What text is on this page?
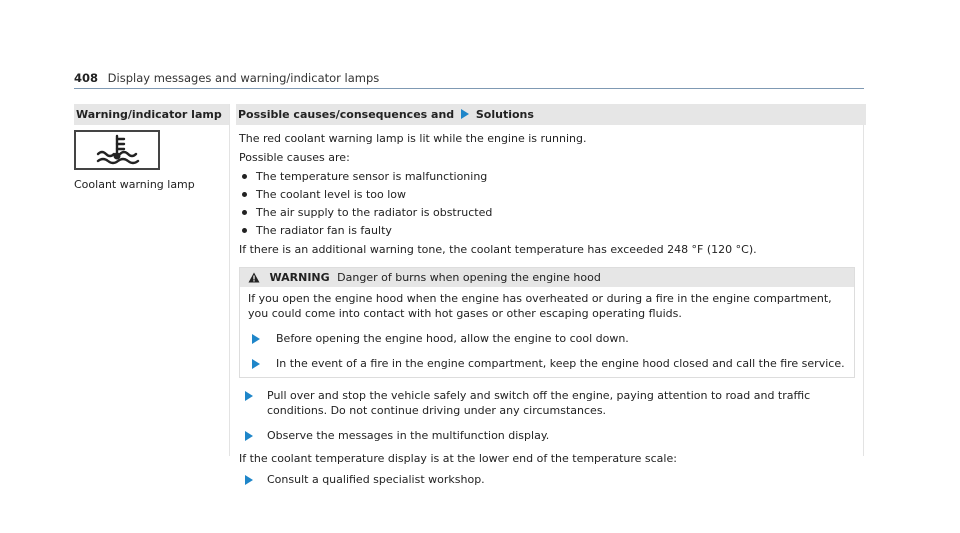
408 Display messages and warning/indicator lamps
Warning/indicator lamp	Possible causes/consequences and Solutions
Coolant warning lamp

The red coolant warning lamp is lit while the engine is running.

Possible causes are:

The temperature sensor is malfunctioning
The coolant level is too low
The air supply to the radiator is obstructed
The radiator fan is faulty

If there is an additional warning tone, the coolant temperature has exceeded 248 °F (120 °C).

WARNING Danger of burns when opening the engine hood
If you open the engine hood when the engine has overheated or during a fire in the engine compartment, you could come into contact with hot gases or other escaping operating fluids.
Before opening the engine hood, allow the engine to cool down.
In the event of a fire in the engine compartment, keep the engine hood closed and call the fire service.
Pull over and stop the vehicle safely and switch off the engine, paying attention to road and traffic conditions. Do not continue driving under any circumstances.
Observe the messages in the multifunction display.

If the coolant temperature display is at the lower end of the temperature scale:

Consult a qualified specialist workshop.
